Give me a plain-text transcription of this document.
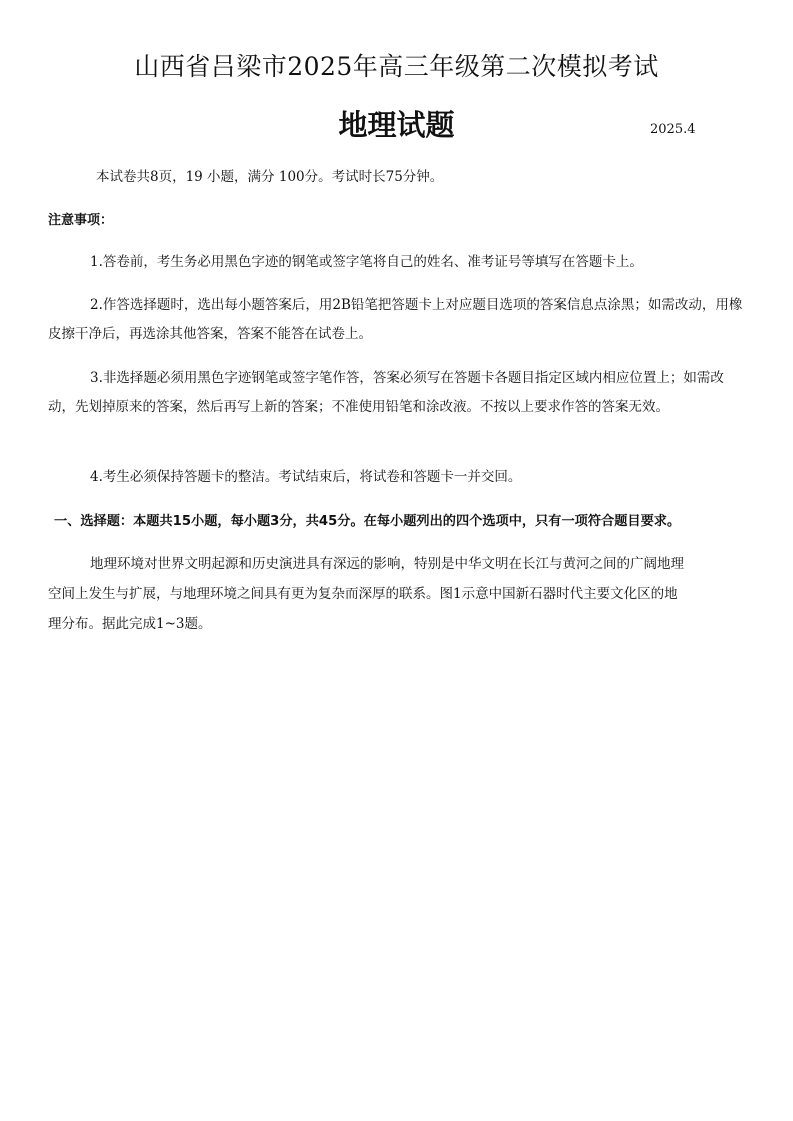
山西省吕梁市2025年高三年级第二次模拟考试
地理试题	2025.4
本试卷共8页，19 小题，满分 100分。考试时长75分钟。
注意事项：
1.答卷前，考生务必用黑色字迹的钢笔或签字笔将自己的姓名、准考证号等填写在答题卡上。
2.作答选择题时，选出每小题答案后，用2B铅笔把答题卡上对应题目选项的答案信息点涂黑；如需改动，用橡皮擦干净后，再选涂其他答案，答案不能答在试卷上。
3.非选择题必须用黑色字迹钢笔或签字笔作答，答案必须写在答题卡各题目指定区域内相应位置上；如需改动，先划掉原来的答案，然后再写上新的答案；不准使用铅笔和涂改液。不按以上要求作答的答案无效。
4.考生必须保持答题卡的整洁。考试结束后，将试卷和答题卡一并交回。
一、选择题：本题共15小题，每小题3分，共45分。在每小题列出的四个选项中，只有一项符合题目要求。
地理环境对世界文明起源和历史演进具有深远的影响，特别是中华文明在长江与黄河之间的广阔地理
空间上发生与扩展，与地理环境之间具有更为复杂而深厚的联系。图1示意中国新石器时代主要文化区的地
理分布。据此完成1~3题。
